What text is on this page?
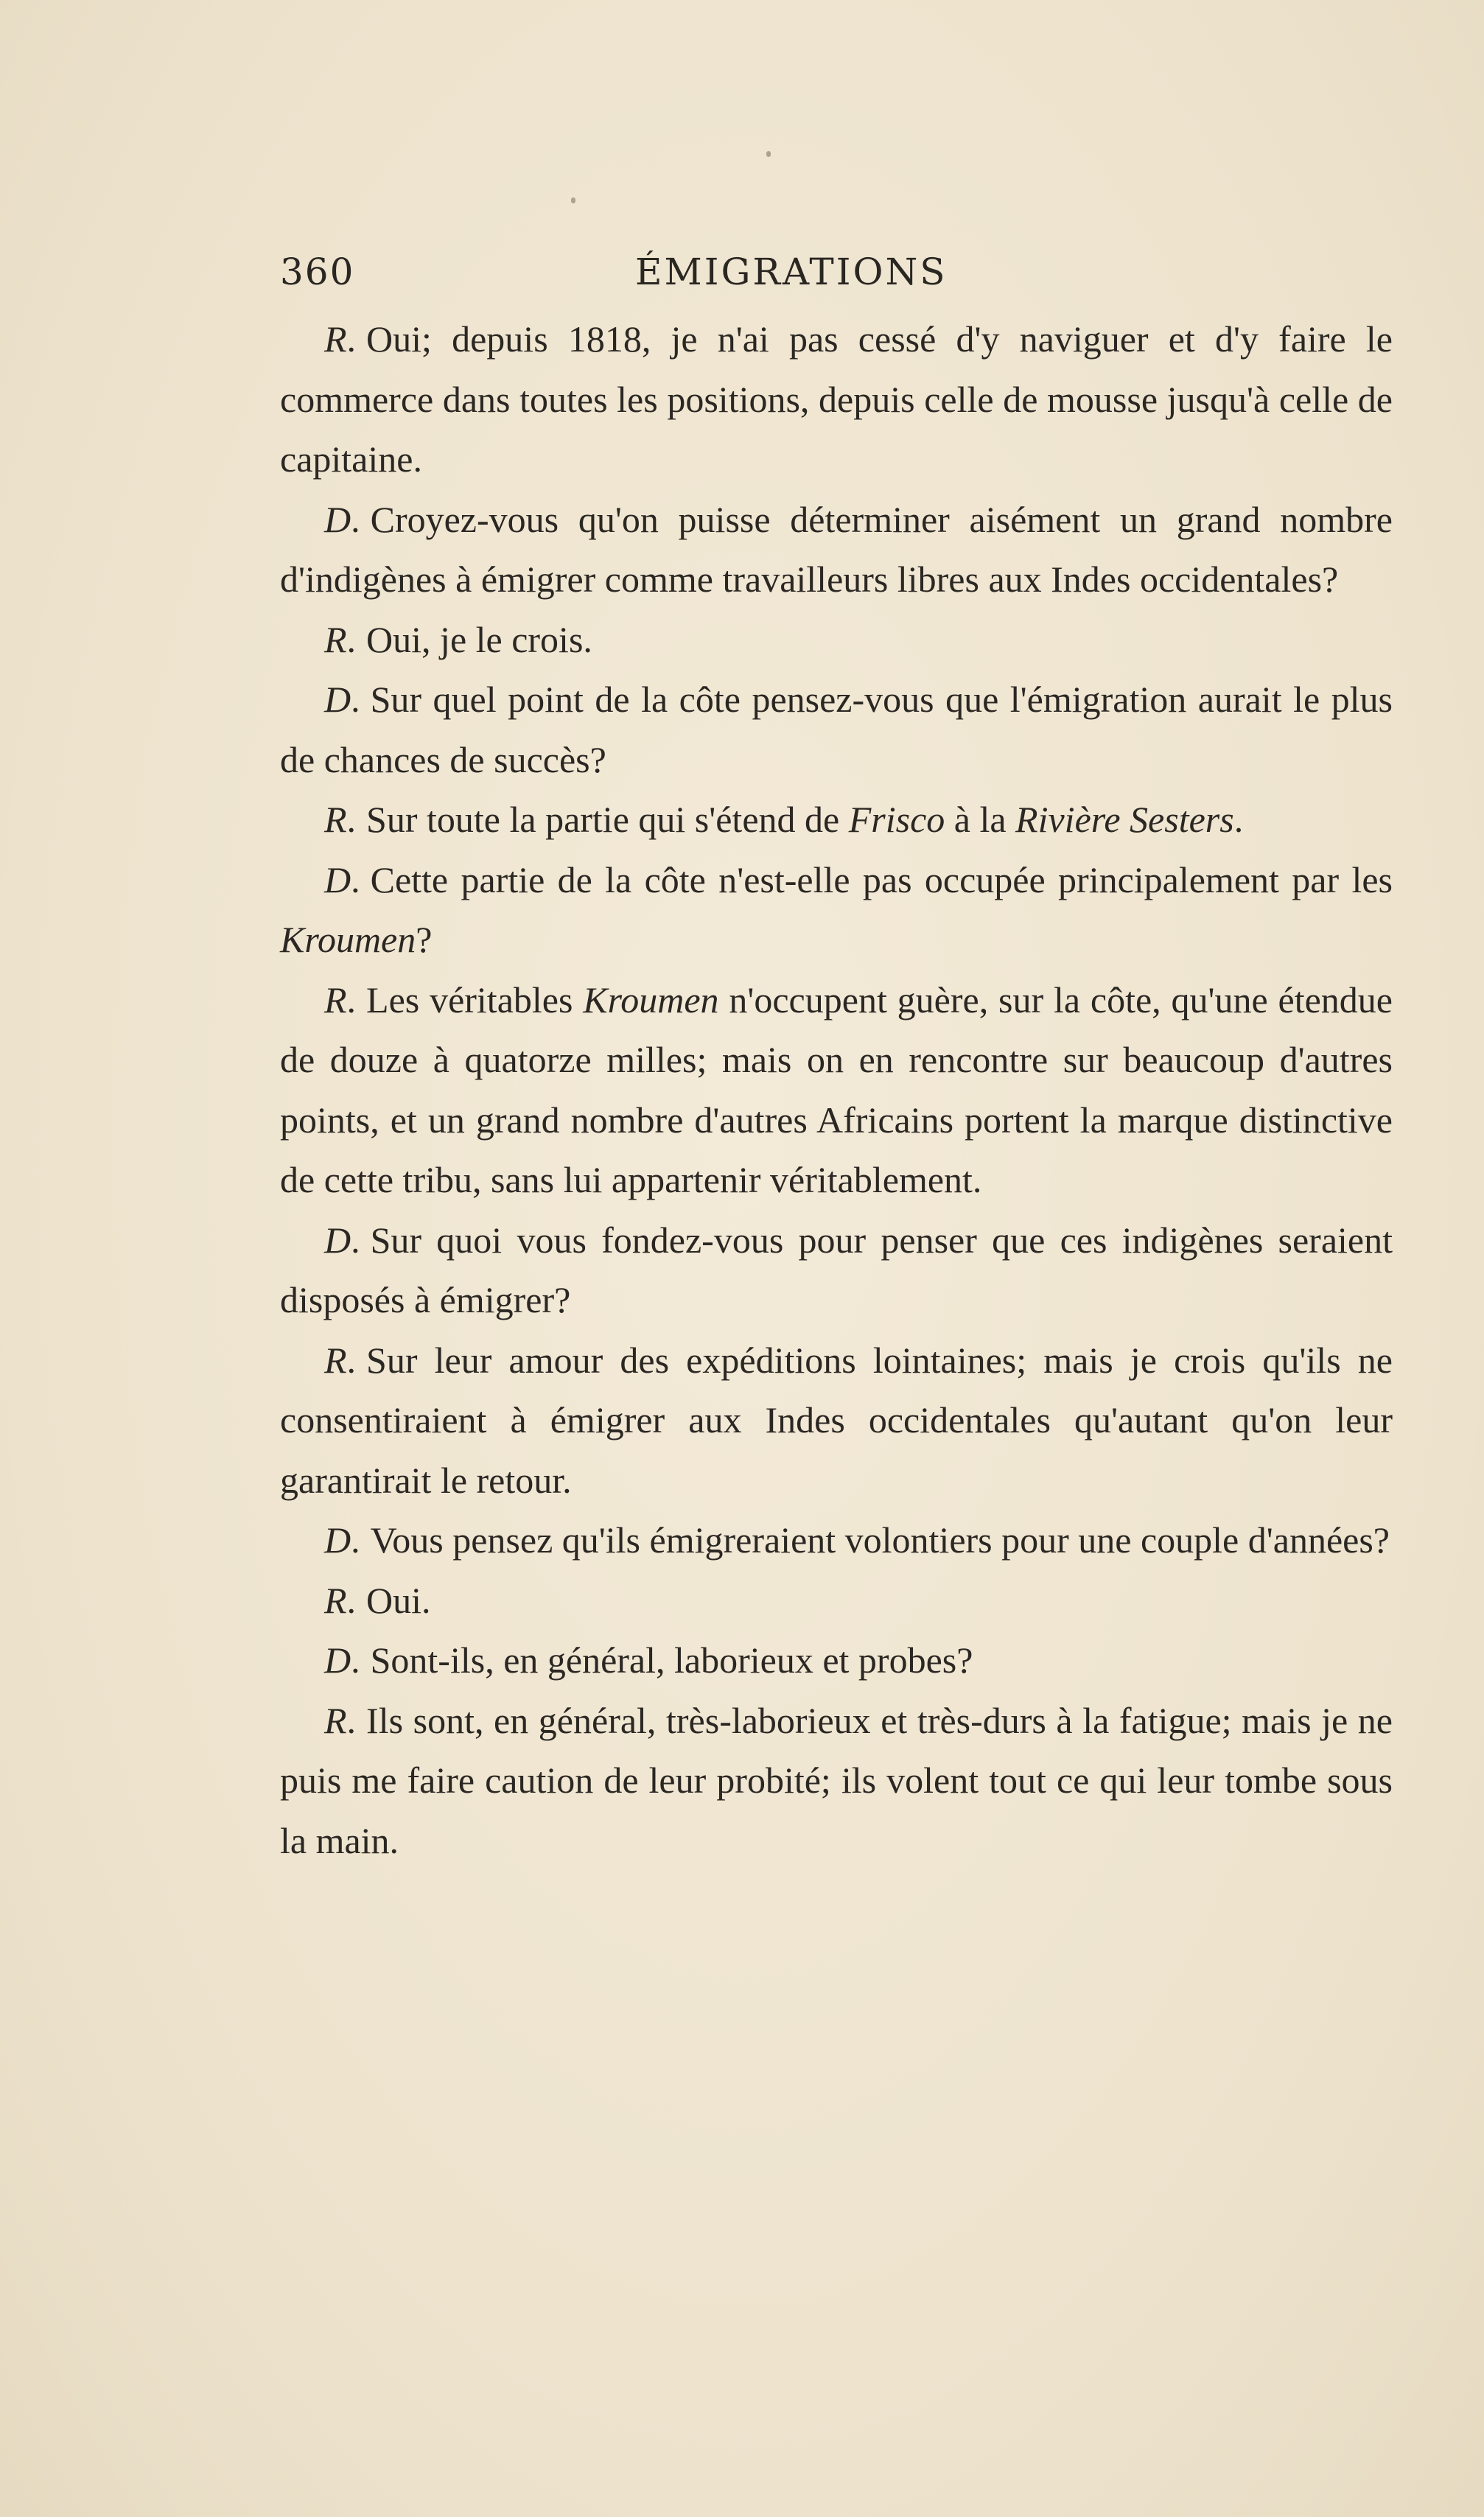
360	ÉMIGRATIONS

R . Oui; depuis 1818, je n'ai pas cessé d'y naviguer et d'y faire le commerce dans toutes les positions, depuis celle de mousse jusqu'à celle de capitaine.

D . Croyez-vous qu'on puisse déterminer aisément un grand nombre d'indigènes à émigrer comme travailleurs libres aux Indes occidentales?

R . Oui, je le crois.

D . Sur quel point de la côte pensez-vous que l'émigration aurait le plus de chances de succès?

R . Sur toute la partie qui s'étend de Frisco à la Rivière Sesters.

D . Cette partie de la côte n'est-elle pas occupée principalement par les Kroumen?

R . Les véritables Kroumen n'occupent guère, sur la côte, qu'une étendue de douze à quatorze milles; mais on en rencontre sur beaucoup d'autres points, et un grand nombre d'autres Africains portent la marque distinctive de cette tribu, sans lui appartenir véritablement.

D . Sur quoi vous fondez-vous pour penser que ces indigènes seraient disposés à émigrer?

R . Sur leur amour des expéditions lointaines; mais je crois qu'ils ne consentiraient à émigrer aux Indes occidentales qu'autant qu'on leur garantirait le retour.

D . Vous pensez qu'ils émigreraient volontiers pour une couple d'années?

R . Oui.

D . Sont-ils, en général, laborieux et probes?

R . Ils sont, en général, très-laborieux et très-durs à la fatigue; mais je ne puis me faire caution de leur probité; ils volent tout ce qui leur tombe sous la main.
